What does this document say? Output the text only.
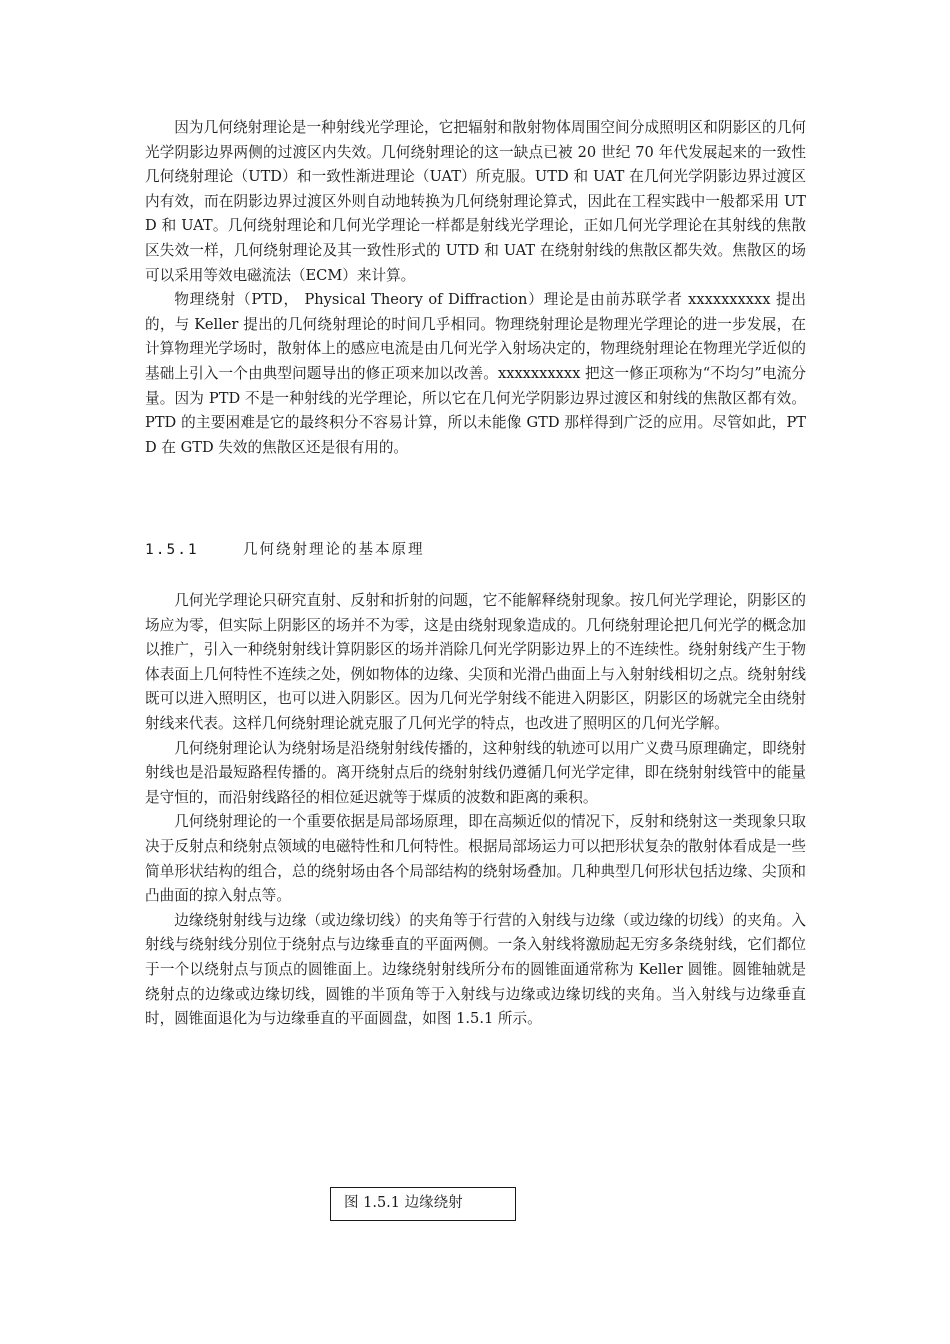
因为几何绕射理论是一种射线光学理论，它把辐射和散射物体周围空间分成照明区和阴影区的几何光学阴影边界两侧的过渡区内失效。几何绕射理论的这一缺点已被 20 世纪 70 年代发展起来的一致性几何绕射理论（UTD）和一致性渐进理论（UAT）所克服。UTD 和 UAT 在几何光学阴影边界过渡区内有效，而在阴影边界过渡区外则自动地转换为几何绕射理论算式，因此在工程实践中一般都采用 UTD 和 UAT。几何绕射理论和几何光学理论一样都是射线光学理论，正如几何光学理论在其射线的焦散区失效一样，几何绕射理论及其一致性形式的 UTD 和 UAT 在绕射射线的焦散区都失效。焦散区的场可以采用等效电磁流法（ECM）来计算。

物理绕射（PTD， Physical Theory of Diffraction）理论是由前苏联学者 xxxxxxxxxx 提出的，与 Keller 提出的几何绕射理论的时间几乎相同。物理绕射理论是物理光学理论的进一步发展，在计算物理光学场时，散射体上的感应电流是由几何光学入射场决定的，物理绕射理论在物理光学近似的基础上引入一个由典型问题导出的修正项来加以改善。xxxxxxxxxx 把这一修正项称为“不均匀”电流分量。因为 PTD 不是一种射线的光学理论，所以它在几何光学阴影边界过渡区和射线的焦散区都有效。PTD 的主要困难是它的最终积分不容易计算，所以未能像 GTD 那样得到广泛的应用。尽管如此，PTD 在 GTD 失效的焦散区还是很有用的。

1.5.1	几何绕射理论的基本原理

几何光学理论只研究直射、反射和折射的问题，它不能解释绕射现象。按几何光学理论，阴影区的场应为零，但实际上阴影区的场并不为零，这是由绕射现象造成的。几何绕射理论把几何光学的概念加以推广，引入一种绕射射线计算阴影区的场并消除几何光学阴影边界上的不连续性。绕射射线产生于物体表面上几何特性不连续之处，例如物体的边缘、尖顶和光滑凸曲面上与入射射线相切之点。绕射射线既可以进入照明区，也可以进入阴影区。因为几何光学射线不能进入阴影区，阴影区的场就完全由绕射射线来代表。这样几何绕射理论就克服了几何光学的特点，也改进了照明区的几何光学解。

几何绕射理论认为绕射场是沿绕射射线传播的，这种射线的轨迹可以用广义费马原理确定，即绕射射线也是沿最短路程传播的。离开绕射点后的绕射射线仍遵循几何光学定律，即在绕射射线管中的能量是守恒的，而沿射线路径的相位延迟就等于煤质的波数和距离的乘积。

几何绕射理论的一个重要依据是局部场原理，即在高频近似的情况下，反射和绕射这一类现象只取决于反射点和绕射点领域的电磁特性和几何特性。根据局部场运力可以把形状复杂的散射体看成是一些简单形状结构的组合，总的绕射场由各个局部结构的绕射场叠加。几种典型几何形状包括边缘、尖顶和凸曲面的掠入射点等。

边缘绕射射线与边缘（或边缘切线）的夹角等于行营的入射线与边缘（或边缘的切线）的夹角。入射线与绕射线分别位于绕射点与边缘垂直的平面两侧。一条入射线将激励起无穷多条绕射线，它们都位于一个以绕射点与顶点的圆锥面上。边缘绕射射线所分布的圆锥面通常称为 Keller 圆锥。圆锥轴就是绕射点的边缘或边缘切线，圆锥的半顶角等于入射线与边缘或边缘切线的夹角。当入射线与边缘垂直时，圆锥面退化为与边缘垂直的平面圆盘，如图 1.5.1 所示。

图 1.5.1 边缘绕射
